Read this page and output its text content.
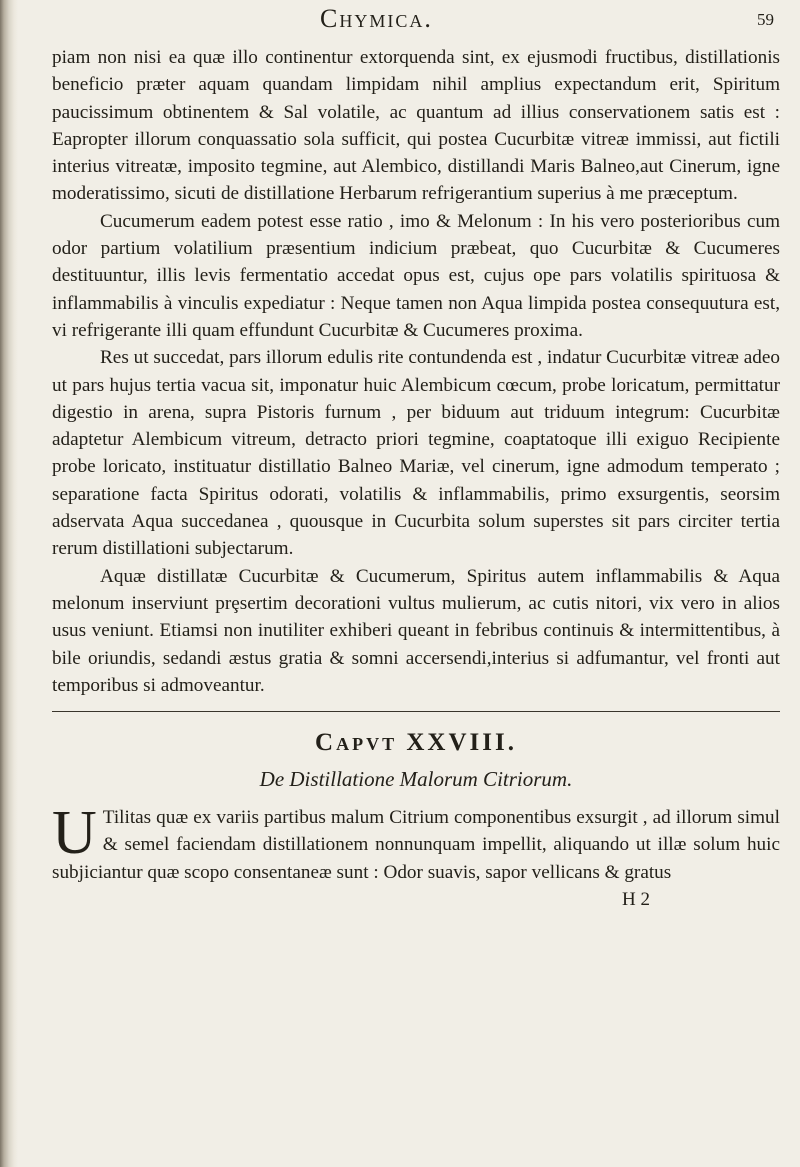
Chymica.	59

piam non nisi ea quæ illo continentur extorquenda sint, ex ejusmodi fructibus, distillationis beneficio præter aquam quandam limpidam nihil amplius expectandum erit, Spiritum paucissimum obtinentem & Sal volatile, ac quantum ad illius conservationem satis est : Eapropter illorum conquassatio sola sufficit, qui postea Cucurbitæ vitreæ immissi, aut fictili interius vitreatæ, imposito tegmine, aut Alembico, distillandi Maris Balneo,aut Cinerum, igne moderatissimo, sicuti de distillatione Herbarum refrigerantium superius à me præceptum.

Cucumerum eadem potest esse ratio , imo & Melonum : In his vero posterioribus cum odor partium volatilium præsentium indicium præbeat, quo Cucurbitæ & Cucumeres destituuntur, illis levis fermentatio accedat opus est, cujus ope pars volatilis spirituosa & inflammabilis à vinculis expediatur : Neque tamen non Aqua limpida postea consequutura est, vi refrigerante illi quam effundunt Cucurbitæ & Cucumeres proxima.

Res ut succedat, pars illorum edulis rite contundenda est , indatur Cucurbitæ vitreæ adeo ut pars hujus tertia vacua sit, imponatur huic Alembicum cœcum, probe loricatum, permittatur digestio in arena, supra Pistoris furnum , per biduum aut triduum integrum: Cucurbitæ adaptetur Alembicum vitreum, detracto priori tegmine, coaptatoque illi exiguo Recipiente probe loricato, instituatur distillatio Balneo Mariæ, vel cinerum, igne admodum temperato ; separatione facta Spiritus odorati, volatilis & inflammabilis, primo exsurgentis, seorsim adservata Aqua succedanea , quousque in Cucurbita solum superstes sit pars circiter tertia rerum distillationi subjectarum.

Aquæ distillatæ Cucurbitæ & Cucumerum, Spiritus autem inflammabilis & Aqua melonum inserviunt prȩsertim decorationi vultus mulierum, ac cutis nitori, vix vero in alios usus veniunt. Etiamsi non inutiliter exhiberi queant in febribus continuis & intermittentibus, à bile oriundis, sedandi æstus gratia & somni accersendi,interius si adfumantur, vel fronti aut temporibus si admoveantur.

Capvt XXVIII.
De Distillatione Malorum Citriorum.

U Tilitas quæ ex variis partibus malum Citrium componentibus exsurgit , ad illorum simul & semel faciendam distillationem nonnunquam impellit, aliquando ut illæ solum huic subjiciantur quæ scopo consentaneæ sunt : Odor suavis, sapor vellicans & gratus

H 2
